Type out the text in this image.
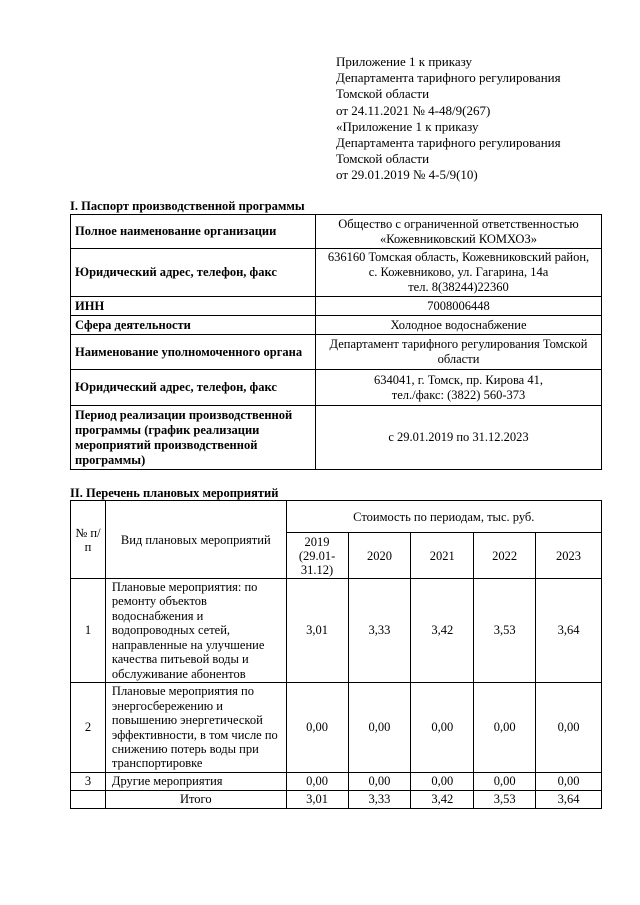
Приложение 1 к приказу
Департамента тарифного регулирования
Томской области
от 24.11.2021 № 4-48/9(267)
«Приложение 1 к приказу
Департамента тарифного регулирования
Томской области
от 29.01.2019 № 4-5/9(10)
I. Паспорт производственной программы
Полное наименование организации	Общество с ограниченной ответственностью
«Кожевниковский КОМХОЗ»

Юридический адрес, телефон, факс	636160 Томская область, Кожевниковский район,
с. Кожевниково, ул. Гагарина, 14а
тел. 8(38244)22360

ИНН	7008006448

Сфера деятельности	Холодное водоснабжение

Наименование уполномоченного органа	Департамент тарифного регулирования Томской
области

Юридический адрес, телефон, факс	634041, г. Томск, пр. Кирова 41,
тел./факс: (3822) 560-373

Период реализации производственной программы (график реализации мероприятий производственной программы)	с 29.01.2019 по 31.12.2023
II. Перечень плановых мероприятий
№ п/п	Вид плановых мероприятий	Стоимость по периодам, тыс. руб.				
		2019 (29.01-31.12)	2020	2021	2022	2023
1	Плановые мероприятия: по ремонту объектов водоснабжения и водопроводных сетей, направленные на улучшение качества питьевой воды и обслуживание абонентов	3,01	3,33	3,42	3,53	3,64
2	Плановые мероприятия по энергосбережению и повышению энергетической эффективности, в том числе по снижению потерь воды при транспортировке	0,00	0,00	0,00	0,00	0,00
3	Другие мероприятия	0,00	0,00	0,00	0,00	0,00
	Итого	3,01	3,33	3,42	3,53	3,64
